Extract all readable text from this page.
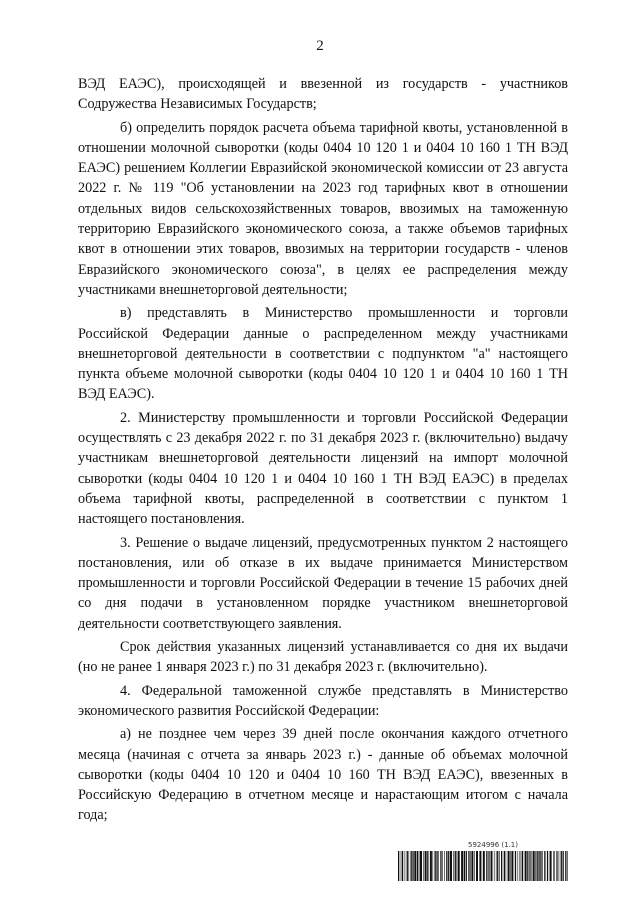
2

ВЭД ЕАЭС), происходящей и ввезенной из государств - участников Содружества Независимых Государств;

б) определить порядок расчета объема тарифной квоты, установленной в отношении молочной сыворотки (коды 0404 10 120 1 и 0404 10 160 1 ТН ВЭД ЕАЭС) решением Коллегии Евразийской экономической комиссии от 23 августа 2022 г. № 119 "Об установлении на 2023 год тарифных квот в отношении отдельных видов сельскохозяйственных товаров, ввозимых на таможенную территорию Евразийского экономического союза, а также объемов тарифных квот в отношении этих товаров, ввозимых на территории государств - членов Евразийского экономического союза", в целях ее распределения между участниками внешнеторговой деятельности;

в) представлять в Министерство промышленности и торговли Российской Федерации данные о распределенном между участниками внешнеторговой деятельности в соответствии с подпунктом "а" настоящего пункта объеме молочной сыворотки (коды 0404 10 120 1 и 0404 10 160 1 ТН ВЭД ЕАЭС).

2. Министерству промышленности и торговли Российской Федерации осуществлять с 23 декабря 2022 г. по 31 декабря 2023 г. (включительно) выдачу участникам внешнеторговой деятельности лицензий на импорт молочной сыворотки (коды 0404 10 120 1 и 0404 10 160 1 ТН ВЭД ЕАЭС) в пределах объема тарифной квоты, распределенной в соответствии с пунктом 1 настоящего постановления.

3. Решение о выдаче лицензий, предусмотренных пунктом 2 настоящего постановления, или об отказе в их выдаче принимается Министерством промышленности и торговли Российской Федерации в течение 15 рабочих дней со дня подачи в установленном порядке участником внешнеторговой деятельности соответствующего заявления.

Срок действия указанных лицензий устанавливается со дня их выдачи (но не ранее 1 января 2023 г.) по 31 декабря 2023 г. (включительно).

4. Федеральной таможенной службе представлять в Министерство экономического развития Российской Федерации:

а) не позднее чем через 39 дней после окончания каждого отчетного месяца (начиная с отчета за январь 2023 г.) - данные об объемах молочной сыворотки (коды 0404 10 120 и 0404 10 160 ТН ВЭД ЕАЭС), ввезенных в Российскую Федерацию в отчетном месяце и нарастающим итогом с начала года;

5924996 (1.1)
